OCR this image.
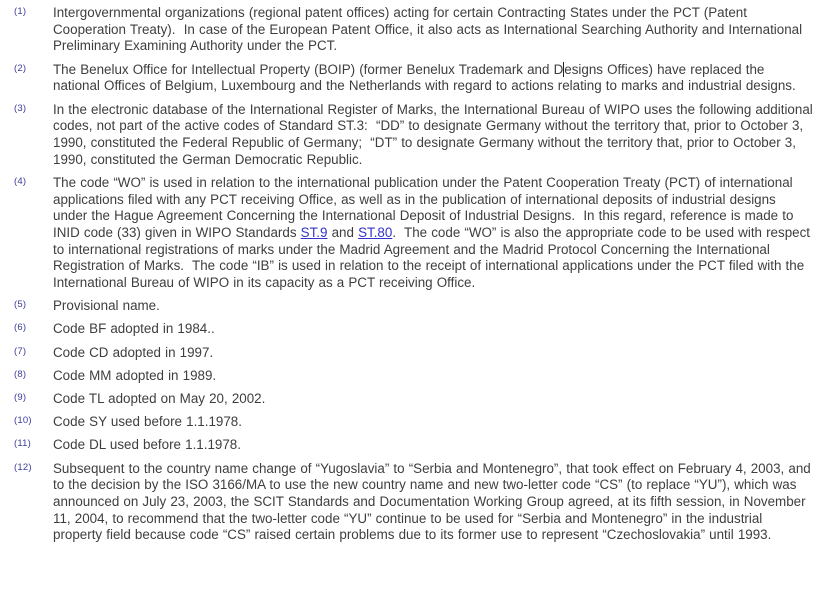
(1)	Intergovernmental organizations (regional patent offices) acting for certain Contracting States under the PCT (Patent Cooperation Treaty).  In case of the European Patent Office, it also acts as International Searching Authority and International Preliminary Examining Authority under the PCT.
(2)	The Benelux Office for Intellectual Property (BOIP) (former Benelux Trademark and Designs Offices) have replaced the national Offices of Belgium, Luxembourg and the Netherlands with regard to actions relating to marks and industrial designs.
(3)	In the electronic database of the International Register of Marks, the International Bureau of WIPO uses the following additional codes, not part of the active codes of Standard ST.3:  “DD” to designate Germany without the territory that, prior to October 3, 1990, constituted the Federal Republic of Germany;  “DT” to designate Germany without the territory that, prior to October 3, 1990, constituted the German Democratic Republic.
(4)	The code “WO” is used in relation to the international publication under the Patent Cooperation Treaty (PCT) of international applications filed with any PCT receiving Office, as well as in the publication of international deposits of industrial designs under the Hague Agreement Concerning the International Deposit of Industrial Designs.  In this regard, reference is made to INID code (33) given in WIPO Standards ST.9 and ST.80.  The code “WO” is also the appropriate code to be used with respect to international registrations of marks under the Madrid Agreement and the Madrid Protocol Concerning the International Registration of Marks.  The code “IB” is used in relation to the receipt of international applications under the PCT filed with the International Bureau of WIPO in its capacity as a PCT receiving Office.
(5)	Provisional name.
(6)	Code BF adopted in 1984..
(7)	Code CD adopted in 1997.
(8)	Code MM adopted in 1989.
(9)	Code TL adopted on May 20, 2002.
(10)	Code SY used before 1.1.1978.
(11)	Code DL used before 1.1.1978.
(12)	Subsequent to the country name change of “Yugoslavia” to “Serbia and Montenegro”, that took effect on February 4, 2003, and to the decision by the ISO 3166/MA to use the new country name and new two-letter code “CS” (to replace “YU”), which was announced on July 23, 2003, the SCIT Standards and Documentation Working Group agreed, at its fifth session, in November 11, 2004, to recommend that the two-letter code “YU” continue to be used for “Serbia and Montenegro” in the industrial property field because code “CS” raised certain problems due to its former use to represent “Czechoslovakia” until 1993.
